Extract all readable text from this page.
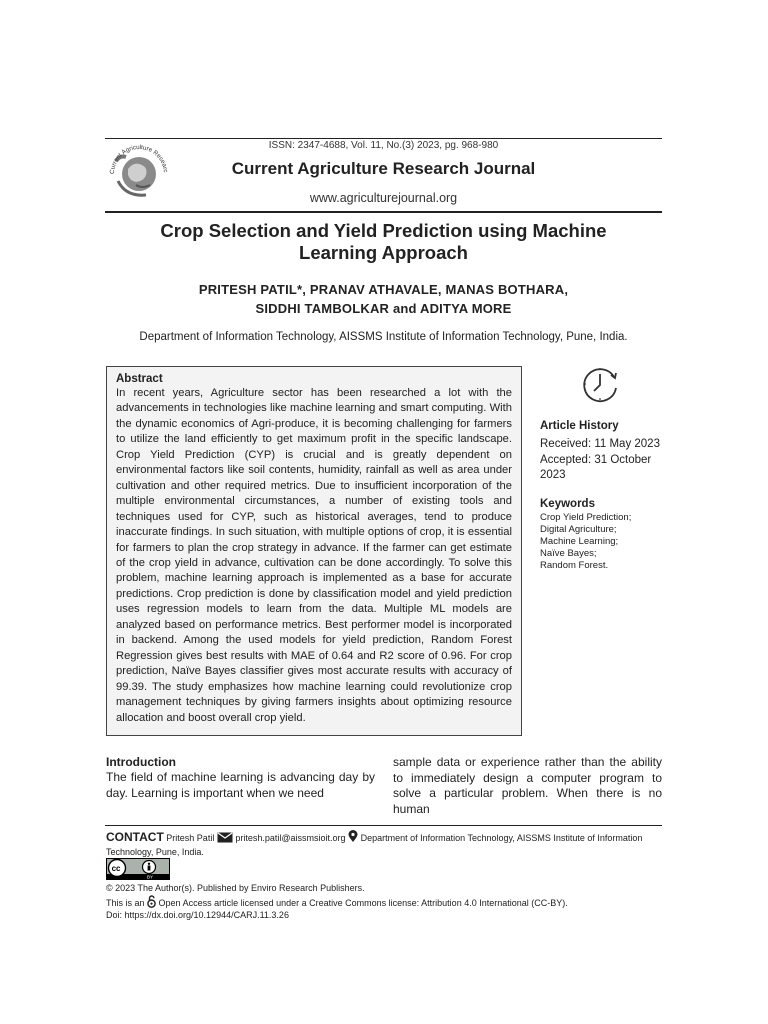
ISSN: 2347-4688, Vol. 11, No.(3) 2023, pg. 968-980
Current Agriculture Researc	Current Agriculture Research Journal
www.agriculturejournal.org
Crop Selection and Yield Prediction using Machine Learning Approach
PRITESH PATIL*, PRANAV ATHAVALE, MANAS BOTHARA,
SIDDHI TAMBOLKAR and ADITYA MORE
Department of Information Technology, AISSMS Institute of Information Technology, Pune, India.
Abstract
In recent years, Agriculture sector has been researched a lot with the advancements in technologies like machine learning and smart computing. With the dynamic economics of Agri-produce, it is becoming challenging for farmers to utilize the land efficiently to get maximum profit in the specific landscape. Crop Yield Prediction (CYP) is crucial and is greatly dependent on environmental factors like soil contents, humidity, rainfall as well as area under cultivation and other required metrics. Due to insufficient incorporation of the multiple environmental circumstances, a number of existing tools and techniques used for CYP, such as historical averages, tend to produce inaccurate findings. In such situation, with multiple options of crop, it is essential for farmers to plan the crop strategy in advance. If the farmer can get estimate of the crop yield in advance, cultivation can be done accordingly. To solve this problem, machine learning approach is implemented as a base for accurate predictions. Crop prediction is done by classification model and yield prediction uses regression models to learn from the data. Multiple ML models are analyzed based on performance metrics. Best performer model is incorporated in backend. Among the used models for yield prediction, Random Forest Regression gives best results with MAE of 0.64 and R2 score of 0.96. For crop prediction, Naïve Bayes classifier gives most accurate results with accuracy of 99.39. The study emphasizes how machine learning could revolutionize crop management techniques by giving farmers insights about optimizing resource allocation and boost overall crop yield.
Article History
Received: 11 May 2023
Accepted: 31 October
2023
Keywords
Crop Yield Prediction;
Digital Agriculture;
Machine Learning;
Naïve Bayes;
Random Forest.
Introduction
The field of machine learning is advancing day by day. Learning is important when we need
sample data or experience rather than the ability to immediately design a computer program to solve a particular problem. When there is no human
CONTACT Pritesh Patil pritesh.patil@aissmsioit.org Department of Information Technology, AISSMS Institute of Information Technology, Pune, India.
cc
BY
© 2023 The Author(s). Published by Enviro Research Publishers.
This is an Open Access article licensed under a Creative Commons license: Attribution 4.0 International (CC-BY).
Doi: https://dx.doi.org/10.12944/CARJ.11.3.26
